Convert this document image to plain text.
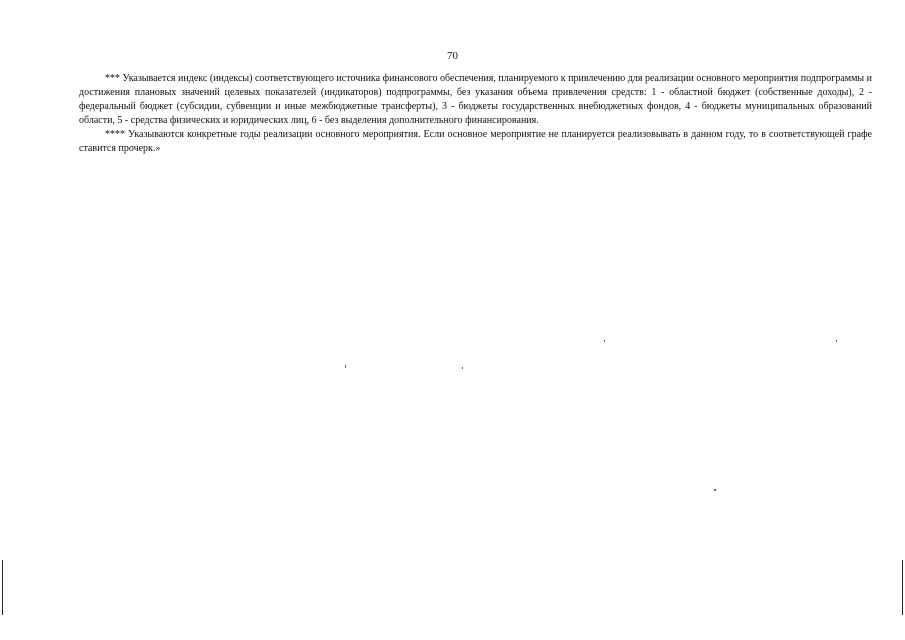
70

*** Указывается индекс (индексы) соответствующего источника финансового обеспечения, планируемого к привлечению для реализации основного мероприятия подпрограммы и достижения плановых значений целевых показателей (индикаторов) подпрограммы, без указания объема привлечения средств: 1 - областной бюджет (собственные доходы), 2 - федеральный бюджет (субсидии, субвенции и иные межбюджетные трансферты), 3 - бюджеты государственных внебюджетных фондов, 4 - бюджеты муниципальных образований области, 5 - средства физических и юридических лиц, 6 - без выделения дополнительного финансирования.

**** Указываются конкретные годы реализации основного мероприятия. Если основное мероприятие не планируется реализовывать в данном году, то в соответствующей графе ставится прочерк.»
